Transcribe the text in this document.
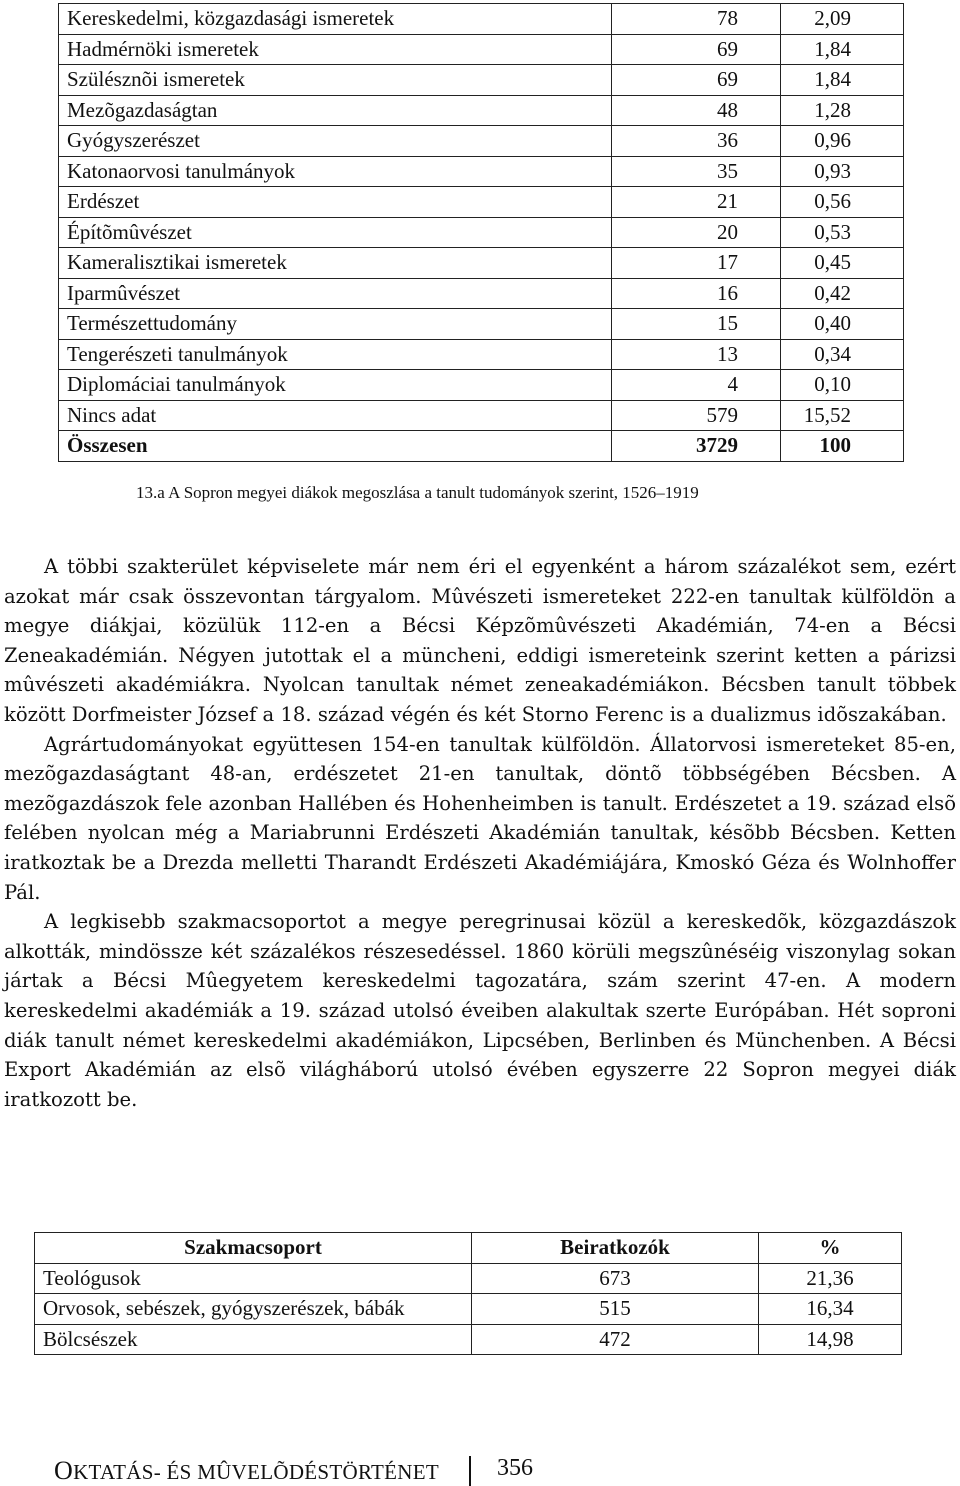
Kereskedelmi, közgazdasági ismeretek	78	2,09
Hadmérnöki ismeretek	69	1,84
Szülésznõi ismeretek	69	1,84
Mezõgazdaságtan	48	1,28
Gyógyszerészet	36	0,96
Katonaorvosi tanulmányok	35	0,93
Erdészet	21	0,56
Építõmûvészet	20	0,53
Kameralisztikai ismeretek	17	0,45
Iparmûvészet	16	0,42
Természettudomány	15	0,40
Tengerészeti tanulmányok	13	0,34
Diplomáciai tanulmányok	4	0,10
Nincs adat	579	15,52
Összesen	3729	100
13.a A Sopron megyei diákok megoszlása a tanult tudományok szerint, 1526–1919

A többi szakterület képviselete már nem éri el egyenként a három százalékot sem, ezért azokat már csak összevontan tárgyalom. Mûvészeti ismereteket 222-en tanultak külföldön a megye diákjai, közülük 112-en a Bécsi Képzõmûvészeti Akadémián, 74-en a Bécsi Zeneakadémián. Négyen jutottak el a müncheni, eddigi ismereteink szerint ketten a párizsi mûvészeti akadémiákra. Nyolcan tanultak német zeneakadémiákon. Bécsben tanult többek között Dorfmeister József a 18. század végén és két Storno Ferenc is a dualizmus idõszakában.

Agrártudományokat együttesen 154-en tanultak külföldön. Állatorvosi ismereteket 85-en, mezõgazdaságtant 48-an, erdészetet 21-en tanultak, döntõ többségében Bécsben. A mezõgazdászok fele azonban Hallében és Hohenheimben is tanult. Erdészetet a 19. század elsõ felében nyolcan még a Mariabrunni Erdészeti Akadémián tanultak, késõbb Bécsben. Ketten iratkoztak be a Drezda melletti Tharandt Erdészeti Akadémiájára, Kmoskó Géza és Wolnhoffer Pál.

A legkisebb szakmacsoportot a megye peregrinusai közül a kereskedõk, közgazdászok alkották, mindössze két százalékos részesedéssel. 1860 körüli megszûnéséig viszonylag sokan jártak a Bécsi Mûegyetem kereskedelmi tagozatára, szám szerint 47-en. A modern kereskedelmi akadémiák a 19. század utolsó éveiben alakultak szerte Európában. Hét soproni diák tanult német kereskedelmi akadémiákon, Lipcsében, Berlinben és Münchenben. A Bécsi Export Akadémián az elsõ világháború utolsó évében egyszerre 22 Sopron megyei diák iratkozott be.

Szakmacsoport	Beiratkozók	%
Teológusok	673	21,36
Orvosok, sebészek, gyógyszerészek, bábák	515	16,34
Bölcsészek	472	14,98
OKTATÁS- ÉS MÛVELÕDÉSTÖRTÉNET 356
